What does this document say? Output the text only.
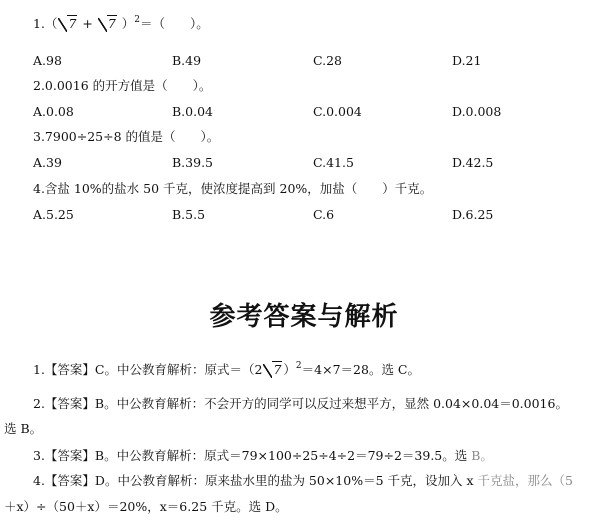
1.（ 7 + 7 ）$^2$＝（　　）。
A.98	B.49	C.28	D.21
2.0.0016 的开方值是（　　）。
A.0.08	B.0.04	C.0.004	D.0.008
3.7900÷25÷8 的值是（　　）。
A.39	B.39.5	C.41.5	D.42.5
4.含盐 10%的盐水 50 千克，使浓度提高到 20%，加盐（　　）千克。
A.5.25	B.5.5	C.6	D.6.25
参考答案与解析
1.【答案】C。中公教育解析：原式＝（2 7 ）$^2$＝4×7＝28。选 C。
2.【答案】B。中公教育解析：不会开方的同学可以反过来想平方，显然 0.04×0.04＝0.0016。
选 B。
3.【答案】B。中公教育解析：原式＝79×100÷25÷4÷2＝79÷2＝39.5。选 B。
4.【答案】D。中公教育解析：原来盐水里的盐为 50×10%＝5 千克，设加入 x 千克盐，那么（5
＋x）÷（50＋x）＝20%，x＝6.25 千克。选 D。
